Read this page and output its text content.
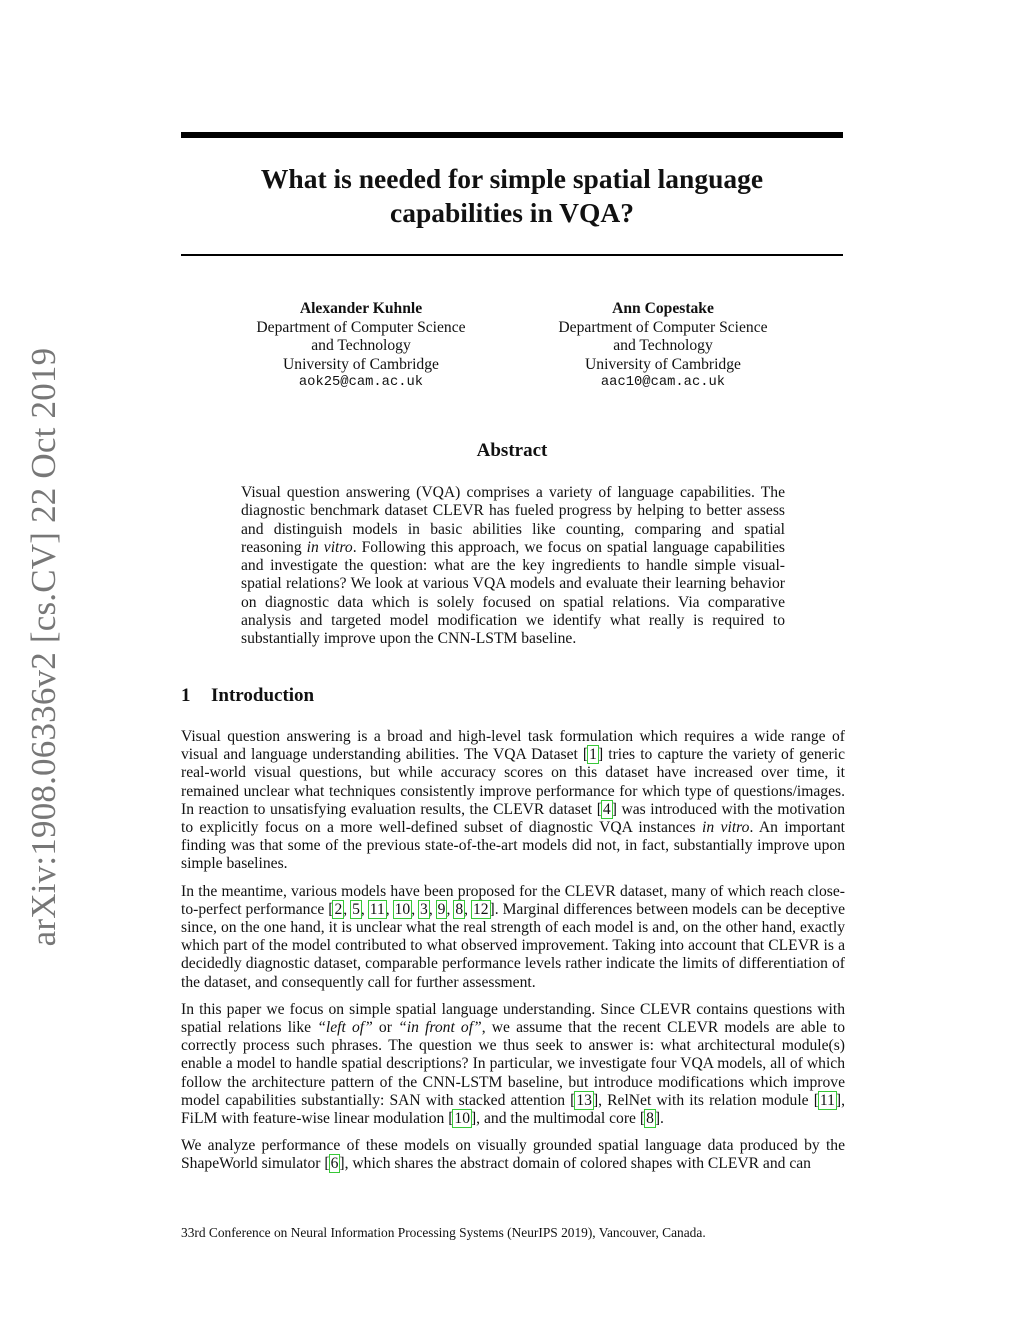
arXiv:1908.06336v2 [cs.CV] 22 Oct 2019
What is needed for simple spatial language
capabilities in VQA?
Alexander Kuhnle
Department of Computer Science
and Technology
University of Cambridge
aok25@cam.ac.uk
Ann Copestake
Department of Computer Science
and Technology
University of Cambridge
aac10@cam.ac.uk
Abstract
Visual question answering (VQA) comprises a variety of language capabilities. The diagnostic benchmark dataset CLEVR has fueled progress by helping to better assess and distinguish models in basic abilities like counting, comparing and spatial reasoning in vitro. Following this approach, we focus on spatial language capabilities and investigate the question: what are the key ingredients to handle simple visual-spatial relations? We look at various VQA models and evaluate their learning behavior on diagnostic data which is solely focused on spatial relations. Via comparative analysis and targeted model modification we identify what really is required to substantially improve upon the CNN-LSTM baseline.
1 Introduction

Visual question answering is a broad and high-level task formulation which requires a wide range of visual and language understanding abilities. The VQA Dataset [1] tries to capture the variety of generic real-world visual questions, but while accuracy scores on this dataset have increased over time, it remained unclear what techniques consistently improve performance for which type of questions/images. In reaction to unsatisfying evaluation results, the CLEVR dataset [4] was introduced with the motivation to explicitly focus on a more well-defined subset of diagnostic VQA instances in vitro. An important finding was that some of the previous state-of-the-art models did not, in fact, substantially improve upon simple baselines.

In the meantime, various models have been proposed for the CLEVR dataset, many of which reach close-to-perfect performance [2, 5, 11, 10, 3, 9, 8, 12]. Marginal differences between models can be deceptive since, on the one hand, it is unclear what the real strength of each model is and, on the other hand, exactly which part of the model contributed to what observed improvement. Taking into account that CLEVR is a decidedly diagnostic dataset, comparable performance levels rather indicate the limits of differentiation of the dataset, and consequently call for further assessment.

In this paper we focus on simple spatial language understanding. Since CLEVR contains questions with spatial relations like “left of” or “in front of”, we assume that the recent CLEVR models are able to correctly process such phrases. The question we thus seek to answer is: what architectural module(s) enable a model to handle spatial descriptions? In particular, we investigate four VQA models, all of which follow the architecture pattern of the CNN-LSTM baseline, but introduce modifications which improve model capabilities substantially: SAN with stacked attention [13], RelNet with its relation module [11], FiLM with feature-wise linear modulation [10], and the multimodal core [8].

We analyze performance of these models on visually grounded spatial language data produced by the ShapeWorld simulator [6], which shares the abstract domain of colored shapes with CLEVR and can

33rd Conference on Neural Information Processing Systems (NeurIPS 2019), Vancouver, Canada.
